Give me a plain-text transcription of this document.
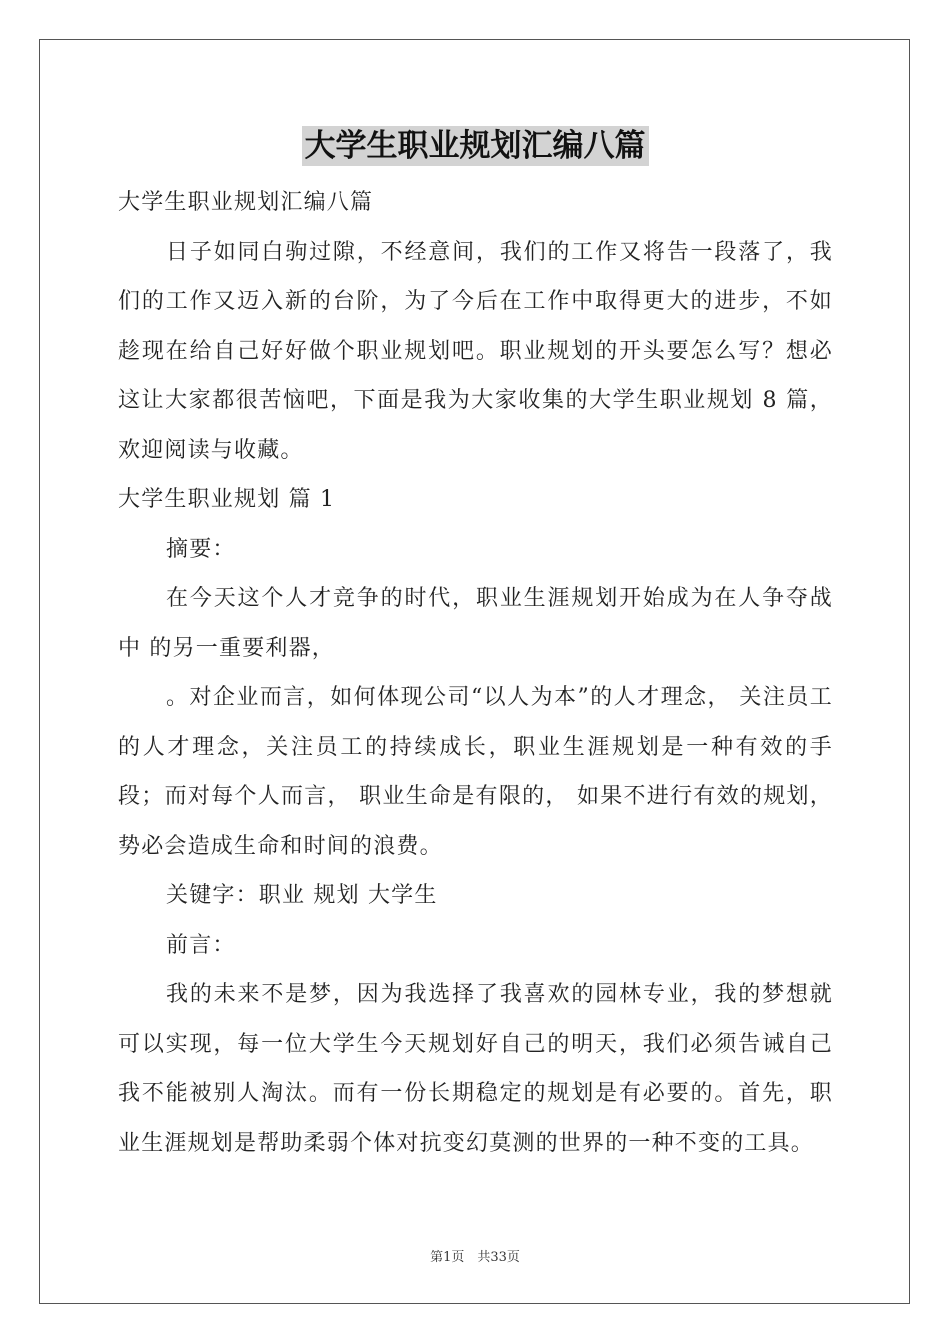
大学生职业规划汇编八篇

大学生职业规划汇编八篇

日子如同白驹过隙，不经意间，我们的工作又将告一段落了，我们的工作又迈入新的台阶，为了今后在工作中取得更大的进步，不如趁现在给自己好好做个职业规划吧。职业规划的开头要怎么写？想必这让大家都很苦恼吧，下面是我为大家收集的大学生职业规划 8 篇，欢迎阅读与收藏。

大学生职业规划 篇 1

摘要：

在今天这个人才竞争的时代，职业生涯规划开始成为在人争夺战中 的另一重要利器，

。对企业而言，如何体现公司“以人为本”的人才理念， 关注员工的人才理念，关注员工的持续成长，职业生涯规划是一种有效的手段；而对每个人而言， 职业生命是有限的， 如果不进行有效的规划， 势必会造成生命和时间的浪费。

关键字：职业 规划 大学生

前言：

我的未来不是梦，因为我选择了我喜欢的园林专业，我的梦想就可以实现，每一位大学生今天规划好自己的明天，我们必须告诫自己我不能被别人淘汰。而有一份长期稳定的规划是有必要的。首先，职业生涯规划是帮助柔弱个体对抗变幻莫测的世界的一种不变的工具。

第1页　共33页
